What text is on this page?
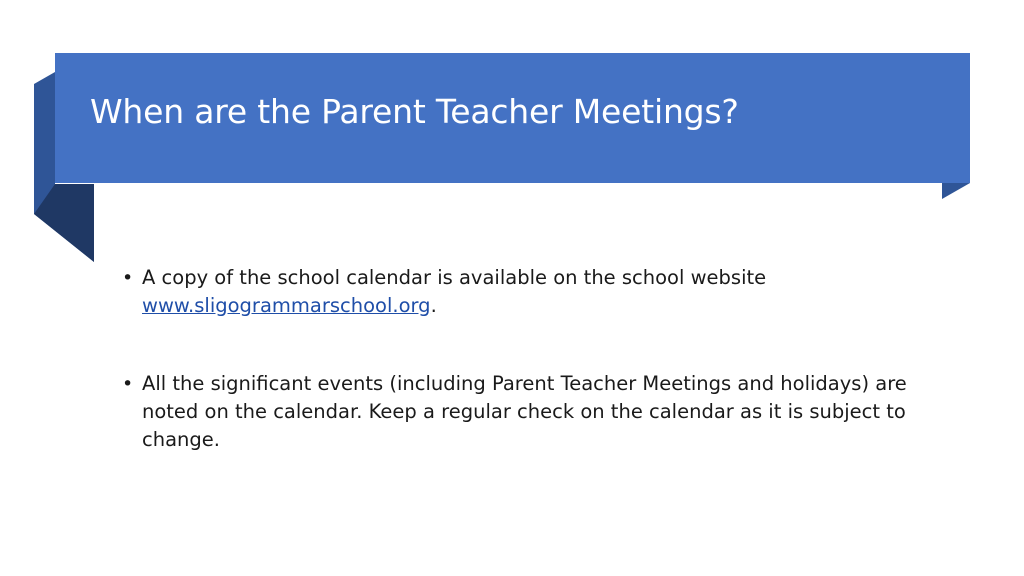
When are the Parent Teacher Meetings?
• A copy of the school calendar is available on the school website www.sligogrammarschool.org.
• All the significant events (including Parent Teacher Meetings and holidays) are noted on the calendar. Keep a regular check on the calendar as it is subject to change.
